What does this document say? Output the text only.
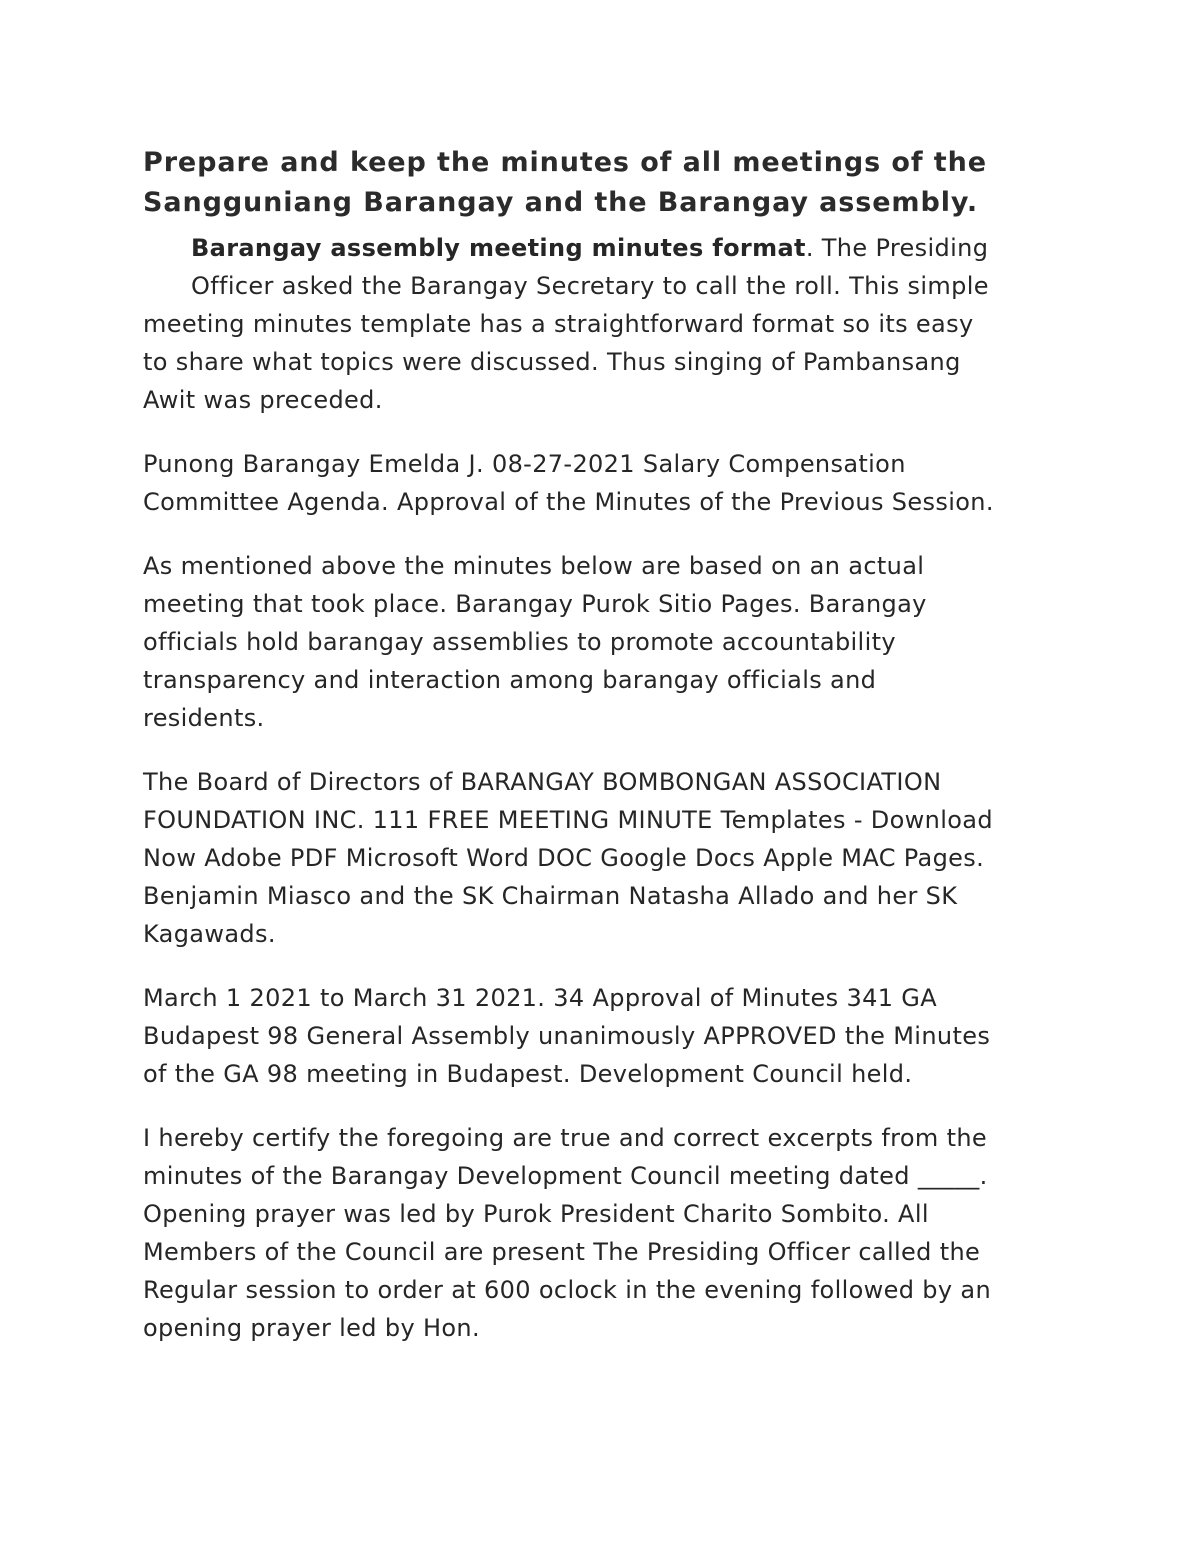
Prepare and keep the minutes of all meetings of the
Sangguniang Barangay and the Barangay assembly.

Barangay assembly meeting minutes format. The Presiding
Officer asked the Barangay Secretary to call the roll. This simple
meeting minutes template has a straightforward format so its easy
to share what topics were discussed. Thus singing of Pambansang
Awit was preceded.

Punong Barangay Emelda J. 08-27-2021 Salary Compensation
Committee Agenda. Approval of the Minutes of the Previous Session.

As mentioned above the minutes below are based on an actual
meeting that took place. Barangay Purok Sitio Pages. Barangay
officials hold barangay assemblies to promote accountability
transparency and interaction among barangay officials and
residents.

The Board of Directors of BARANGAY BOMBONGAN ASSOCIATION
FOUNDATION INC. 111 FREE MEETING MINUTE Templates - Download
Now Adobe PDF Microsoft Word DOC Google Docs Apple MAC Pages.
Benjamin Miasco and the SK Chairman Natasha Allado and her SK
Kagawads.

March 1 2021 to March 31 2021. 34 Approval of Minutes 341 GA
Budapest 98 General Assembly unanimously APPROVED the Minutes
of the GA 98 meeting in Budapest. Development Council held.

I hereby certify the foregoing are true and correct excerpts from the
minutes of the Barangay Development Council meeting dated _____.
Opening prayer was led by Purok President Charito Sombito. All
Members of the Council are present The Presiding Officer called the
Regular session to order at 600 oclock in the evening followed by an
opening prayer led by Hon.
